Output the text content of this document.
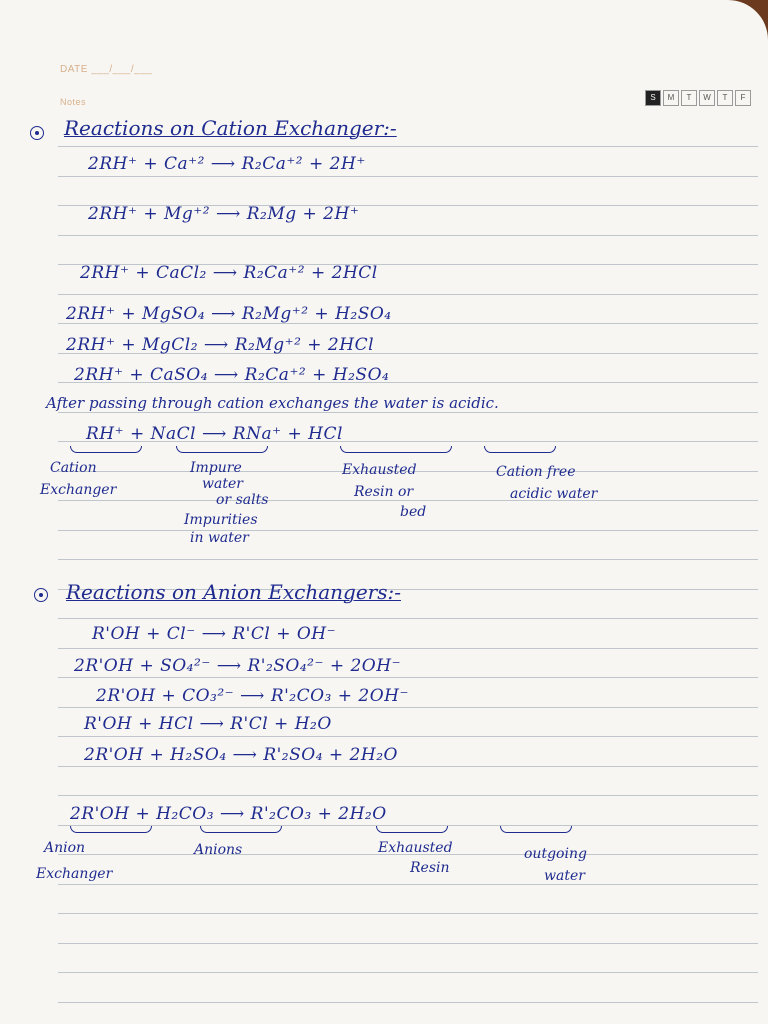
DATE ___/___/___
Notes	S	M	T	W	T	F
Reactions on Cation Exchanger:-
2RH⁺ + Ca⁺² ⟶ R₂Ca⁺² + 2H⁺
2RH⁺ + Mg⁺² ⟶ R₂Mg + 2H⁺
2RH⁺ + CaCl₂ ⟶ R₂Ca⁺² + 2HCl
2RH⁺ + MgSO₄ ⟶ R₂Mg⁺² + H₂SO₄
2RH⁺ + MgCl₂ ⟶ R₂Mg⁺² + 2HCl
2RH⁺ + CaSO₄ ⟶ R₂Ca⁺² + H₂SO₄
After passing through cation exchanges the water is acidic.
RH⁺ + NaCl ⟶ RNa⁺ + HCl
Cation
Exchanger
Impure
water
or salts
Impurities
in water
Exhausted
Resin or
bed
Cation free
acidic water
Reactions on Anion Exchangers:-
R'OH + Cl⁻ ⟶ R'Cl + OH⁻
2R'OH + SO₄²⁻ ⟶ R'₂SO₄²⁻ + 2OH⁻
2R'OH + CO₃²⁻ ⟶ R'₂CO₃ + 2OH⁻
R'OH + HCl ⟶ R'Cl + H₂O
2R'OH + H₂SO₄ ⟶ R'₂SO₄ + 2H₂O
2R'OH + H₂CO₃ ⟶ R'₂CO₃ + 2H₂O
Anion
Exchanger
Anions	Exhausted
Resin
outgoing
water
